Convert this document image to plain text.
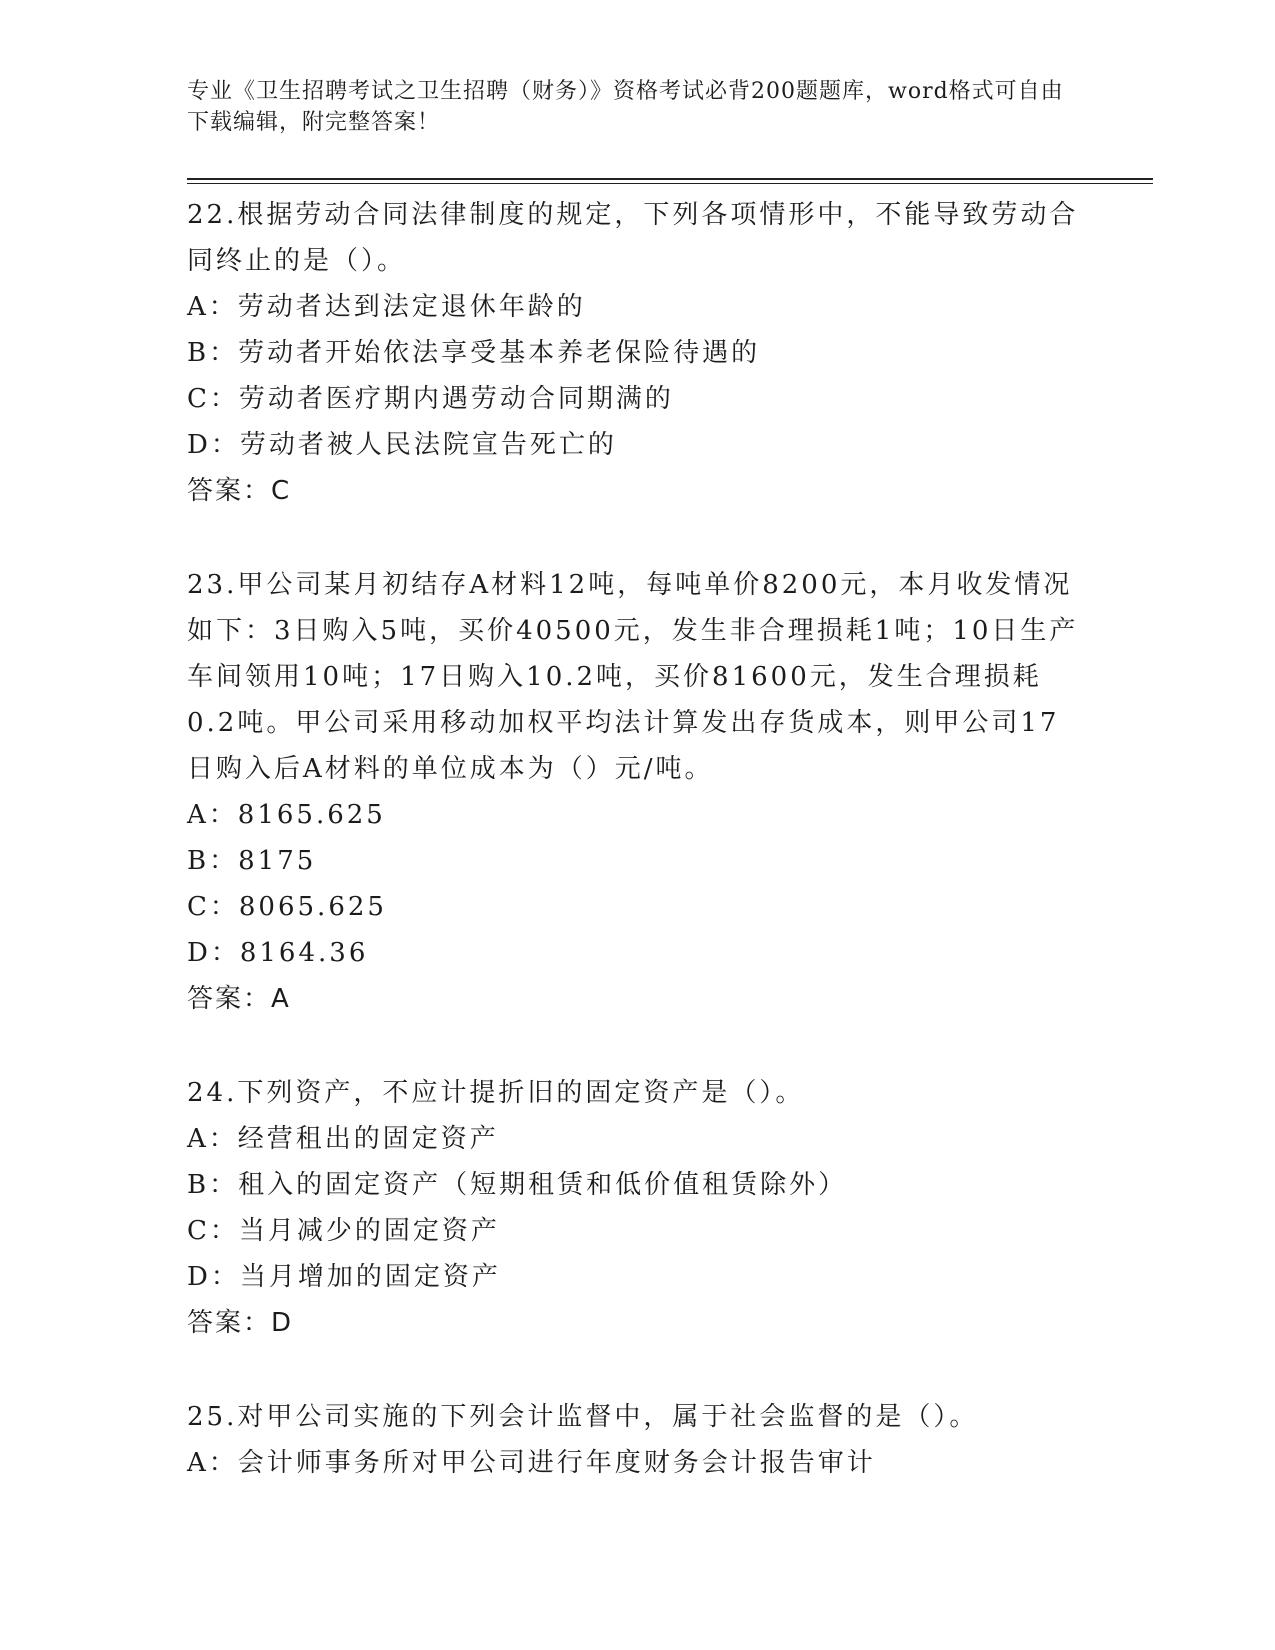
专业《卫生招聘考试之卫生招聘（财务）》资格考试必背200题题库，word格式可自由下载编辑，附完整答案！

22.根据劳动合同法律制度的规定，下列各项情形中，不能导致劳动合同终止的是（）。

A：劳动者达到法定退休年龄的

B：劳动者开始依法享受基本养老保险待遇的

C：劳动者医疗期内遇劳动合同期满的

D：劳动者被人民法院宣告死亡的

答案：C

23.甲公司某月初结存A材料12吨，每吨单价8200元，本月收发情况如下：3日购入5吨，买价40500元，发生非合理损耗1吨；10日生产车间领用10吨；17日购入10.2吨，买价81600元，发生合理损耗0.2吨。甲公司采用移动加权平均法计算发出存货成本，则甲公司17日购入后A材料的单位成本为（）元/吨。

A：8165.625

B：8175

C：8065.625

D：8164.36

答案：A

24.下列资产，不应计提折旧的固定资产是（）。

A：经营租出的固定资产

B：租入的固定资产（短期租赁和低价值租赁除外）

C：当月减少的固定资产

D：当月增加的固定资产

答案：D

25.对甲公司实施的下列会计监督中，属于社会监督的是（）。

A：会计师事务所对甲公司进行年度财务会计报告审计
